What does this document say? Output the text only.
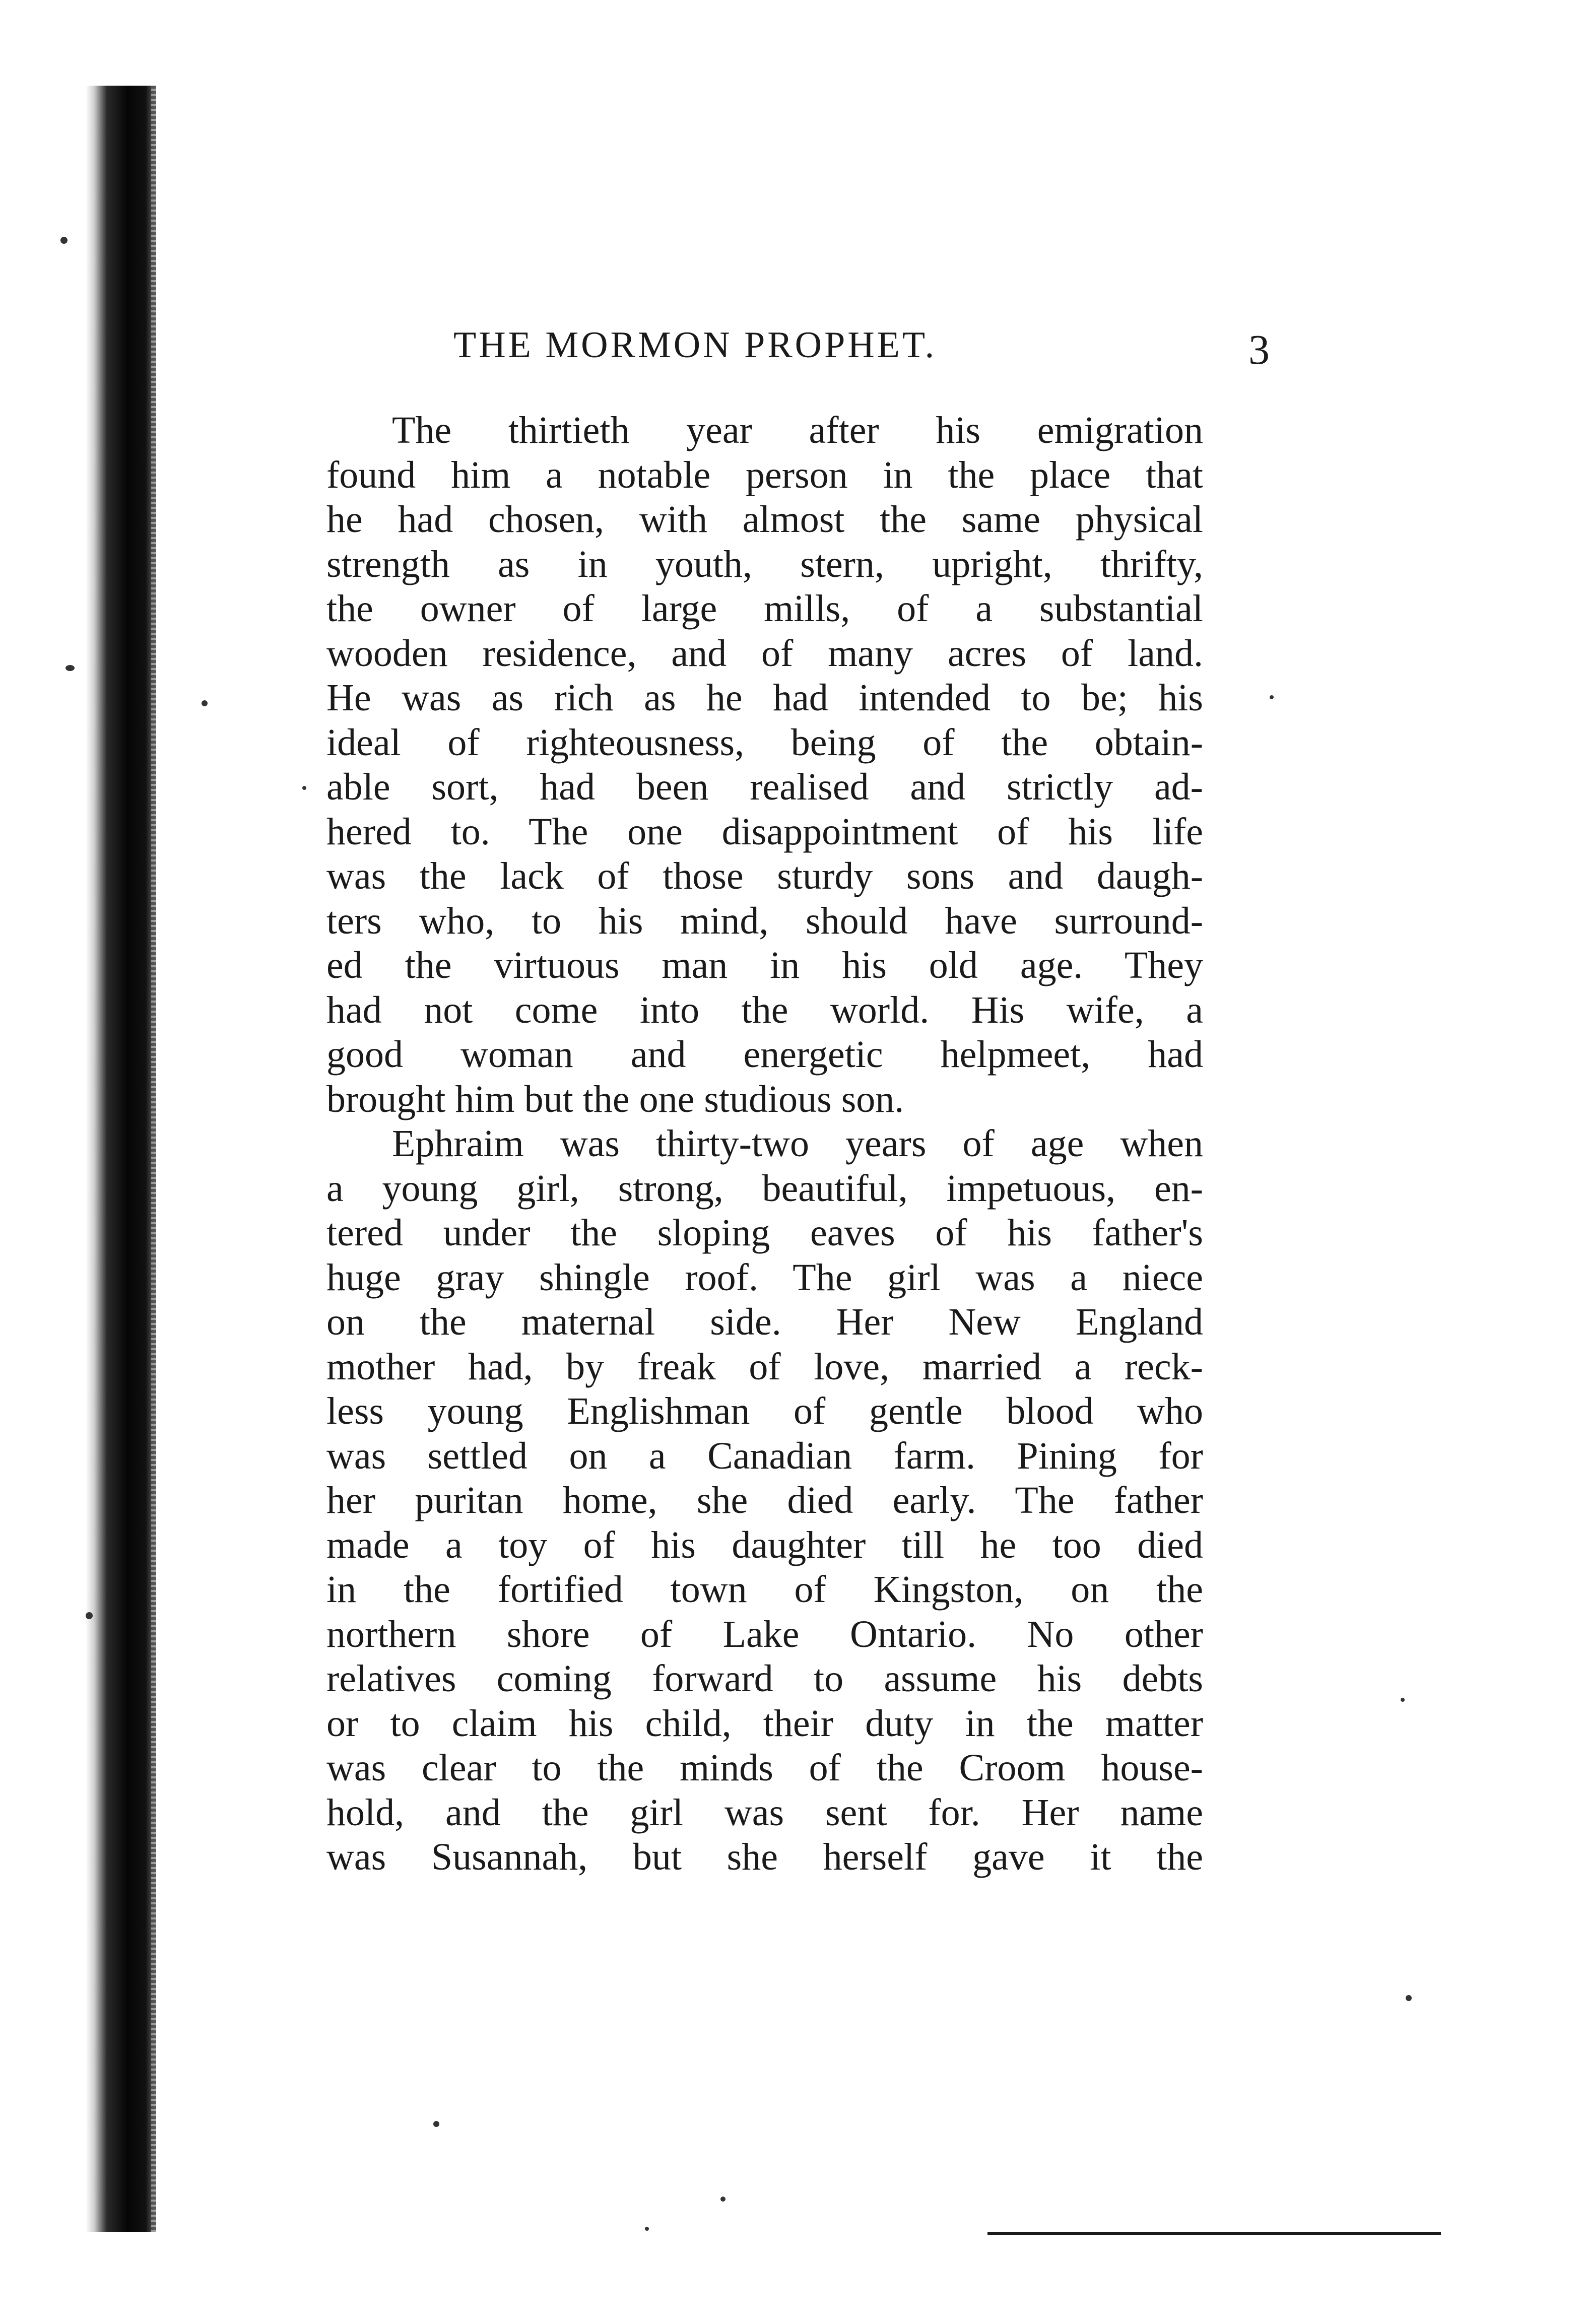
THE MORMON PROPHET.	3
The thirtieth year after his emigration
found him a notable person in the place that
he had chosen, with almost the same physical
strength as in youth, stern, upright, thrifty,
the owner of large mills, of a substantial
wooden residence, and of many acres of land.
He was as rich as he had intended to be; his
ideal of righteousness, being of the obtain-
able sort, had been realised and strictly ad-
hered to. The one disappointment of his life
was the lack of those sturdy sons and daugh-
ters who, to his mind, should have surround-
ed the virtuous man in his old age. They
had not come into the world. His wife, a
good woman and energetic helpmeet, had
brought him but the one studious son.
Ephraim was thirty-two years of age when
a young girl, strong, beautiful, impetuous, en-
tered under the sloping eaves of his father's
huge gray shingle roof. The girl was a niece
on the maternal side. Her New England
mother had, by freak of love, married a reck-
less young Englishman of gentle blood who
was settled on a Canadian farm. Pining for
her puritan home, she died early. The father
made a toy of his daughter till he too died
in the fortified town of Kingston, on the
northern shore of Lake Ontario. No other
relatives coming forward to assume his debts
or to claim his child, their duty in the matter
was clear to the minds of the Croom house-
hold, and the girl was sent for. Her name
was Susannah, but she herself gave it the
